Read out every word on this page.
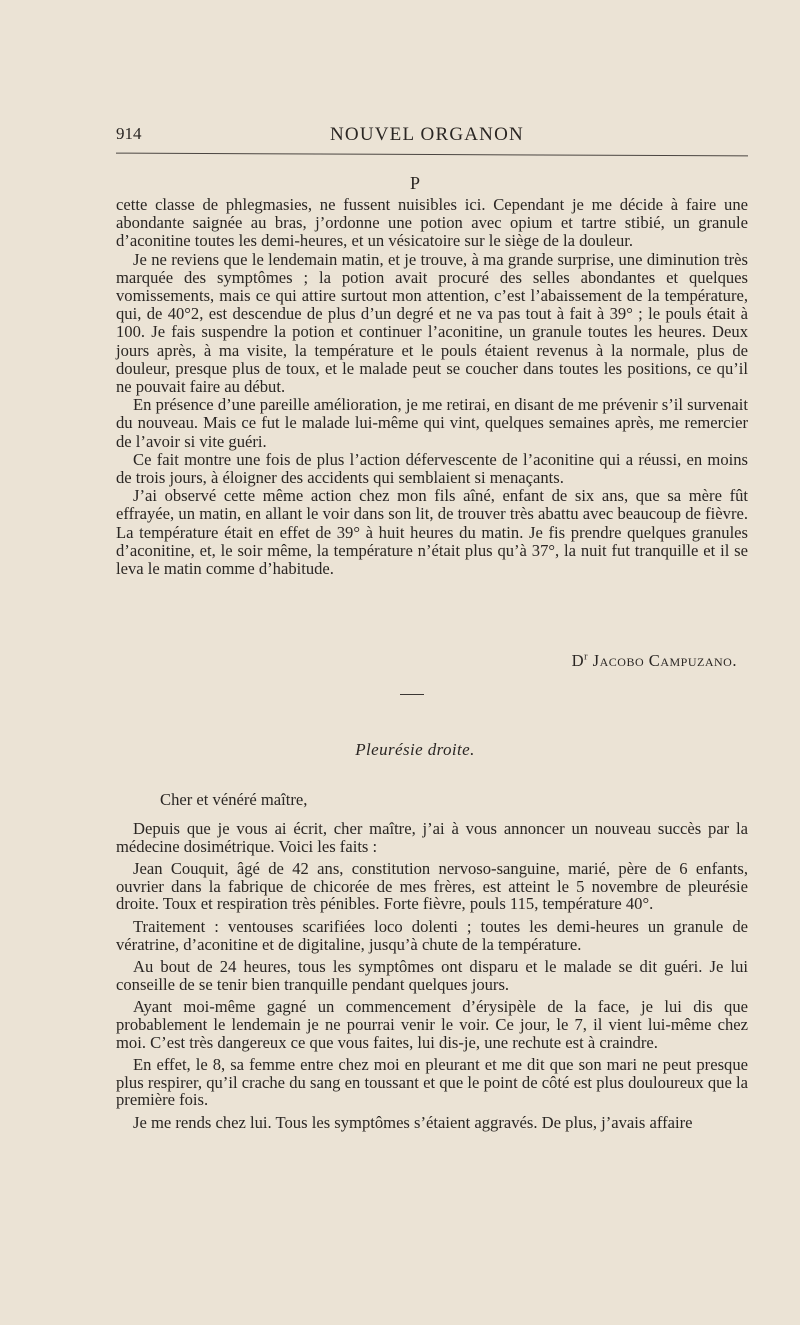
914	NOUVEL ORGANON
P

cette classe de phlegmasies, ne fussent nuisibles ici. Cependant je me décide à faire une abondante saignée au bras, j’ordonne une potion avec opium et tartre stibié, un granule d’aconitine toutes les demi-heures, et un vésicatoire sur le siège de la douleur.

Je ne reviens que le lendemain matin, et je trouve, à ma grande surprise, une diminution très marquée des symptômes ; la potion avait procuré des selles abondantes et quelques vomissements, mais ce qui attire surtout mon attention, c’est l’abaissement de la température, qui, de 40°2, est descendue de plus d’un degré et ne va pas tout à fait à 39° ; le pouls était à 100. Je fais suspendre la potion et continuer l’aconitine, un granule toutes les heures. Deux jours après, à ma visite, la température et le pouls étaient revenus à la normale, plus de douleur, presque plus de toux, et le malade peut se coucher dans toutes les positions, ce qu’il ne pouvait faire au début.

En présence d’une pareille amélioration, je me retirai, en disant de me prévenir s’il survenait du nouveau. Mais ce fut le malade lui-même qui vint, quelques semaines après, me remercier de l’avoir si vite guéri.

Ce fait montre une fois de plus l’action défervescente de l’aconitine qui a réussi, en moins de trois jours, à éloigner des accidents qui semblaient si menaçants.

J’ai observé cette même action chez mon fils aîné, enfant de six ans, que sa mère fût effrayée, un matin, en allant le voir dans son lit, de trouver très abattu avec beaucoup de fièvre. La température était en effet de 39° à huit heures du matin. Je fis prendre quelques granules d’aconitine, et, le soir même, la température n’était plus qu’à 37°, la nuit fut tranquille et il se leva le matin comme d’habitude.

$D^r$ Jacobo Campuzano.
Pleurésie droite.
Cher et vénéré maître,

Depuis que je vous ai écrit, cher maître, j’ai à vous annoncer un nouveau succès par la médecine dosimétrique. Voici les faits :

Jean Couquit, âgé de 42 ans, constitution nervoso-sanguine, marié, père de 6 enfants, ouvrier dans la fabrique de chicorée de mes frères, est atteint le 5 novembre de pleurésie droite. Toux et respiration très pénibles. Forte fièvre, pouls 115, température 40°.

Traitement : ventouses scarifiées loco dolenti ; toutes les demi-heures un granule de vératrine, d’aconitine et de digitaline, jusqu’à chute de la température.

Au bout de 24 heures, tous les symptômes ont disparu et le malade se dit guéri. Je lui conseille de se tenir bien tranquille pendant quelques jours.

Ayant moi-même gagné un commencement d’érysipèle de la face, je lui dis que probablement le lendemain je ne pourrai venir le voir. Ce jour, le 7, il vient lui-même chez moi. C’est très dangereux ce que vous faites, lui dis-je, une rechute est à craindre.

En effet, le 8, sa femme entre chez moi en pleurant et me dit que son mari ne peut presque plus respirer, qu’il crache du sang en toussant et que le point de côté est plus douloureux que la première fois.

Je me rends chez lui. Tous les symptômes s’étaient aggravés. De plus, j’avais affaire
